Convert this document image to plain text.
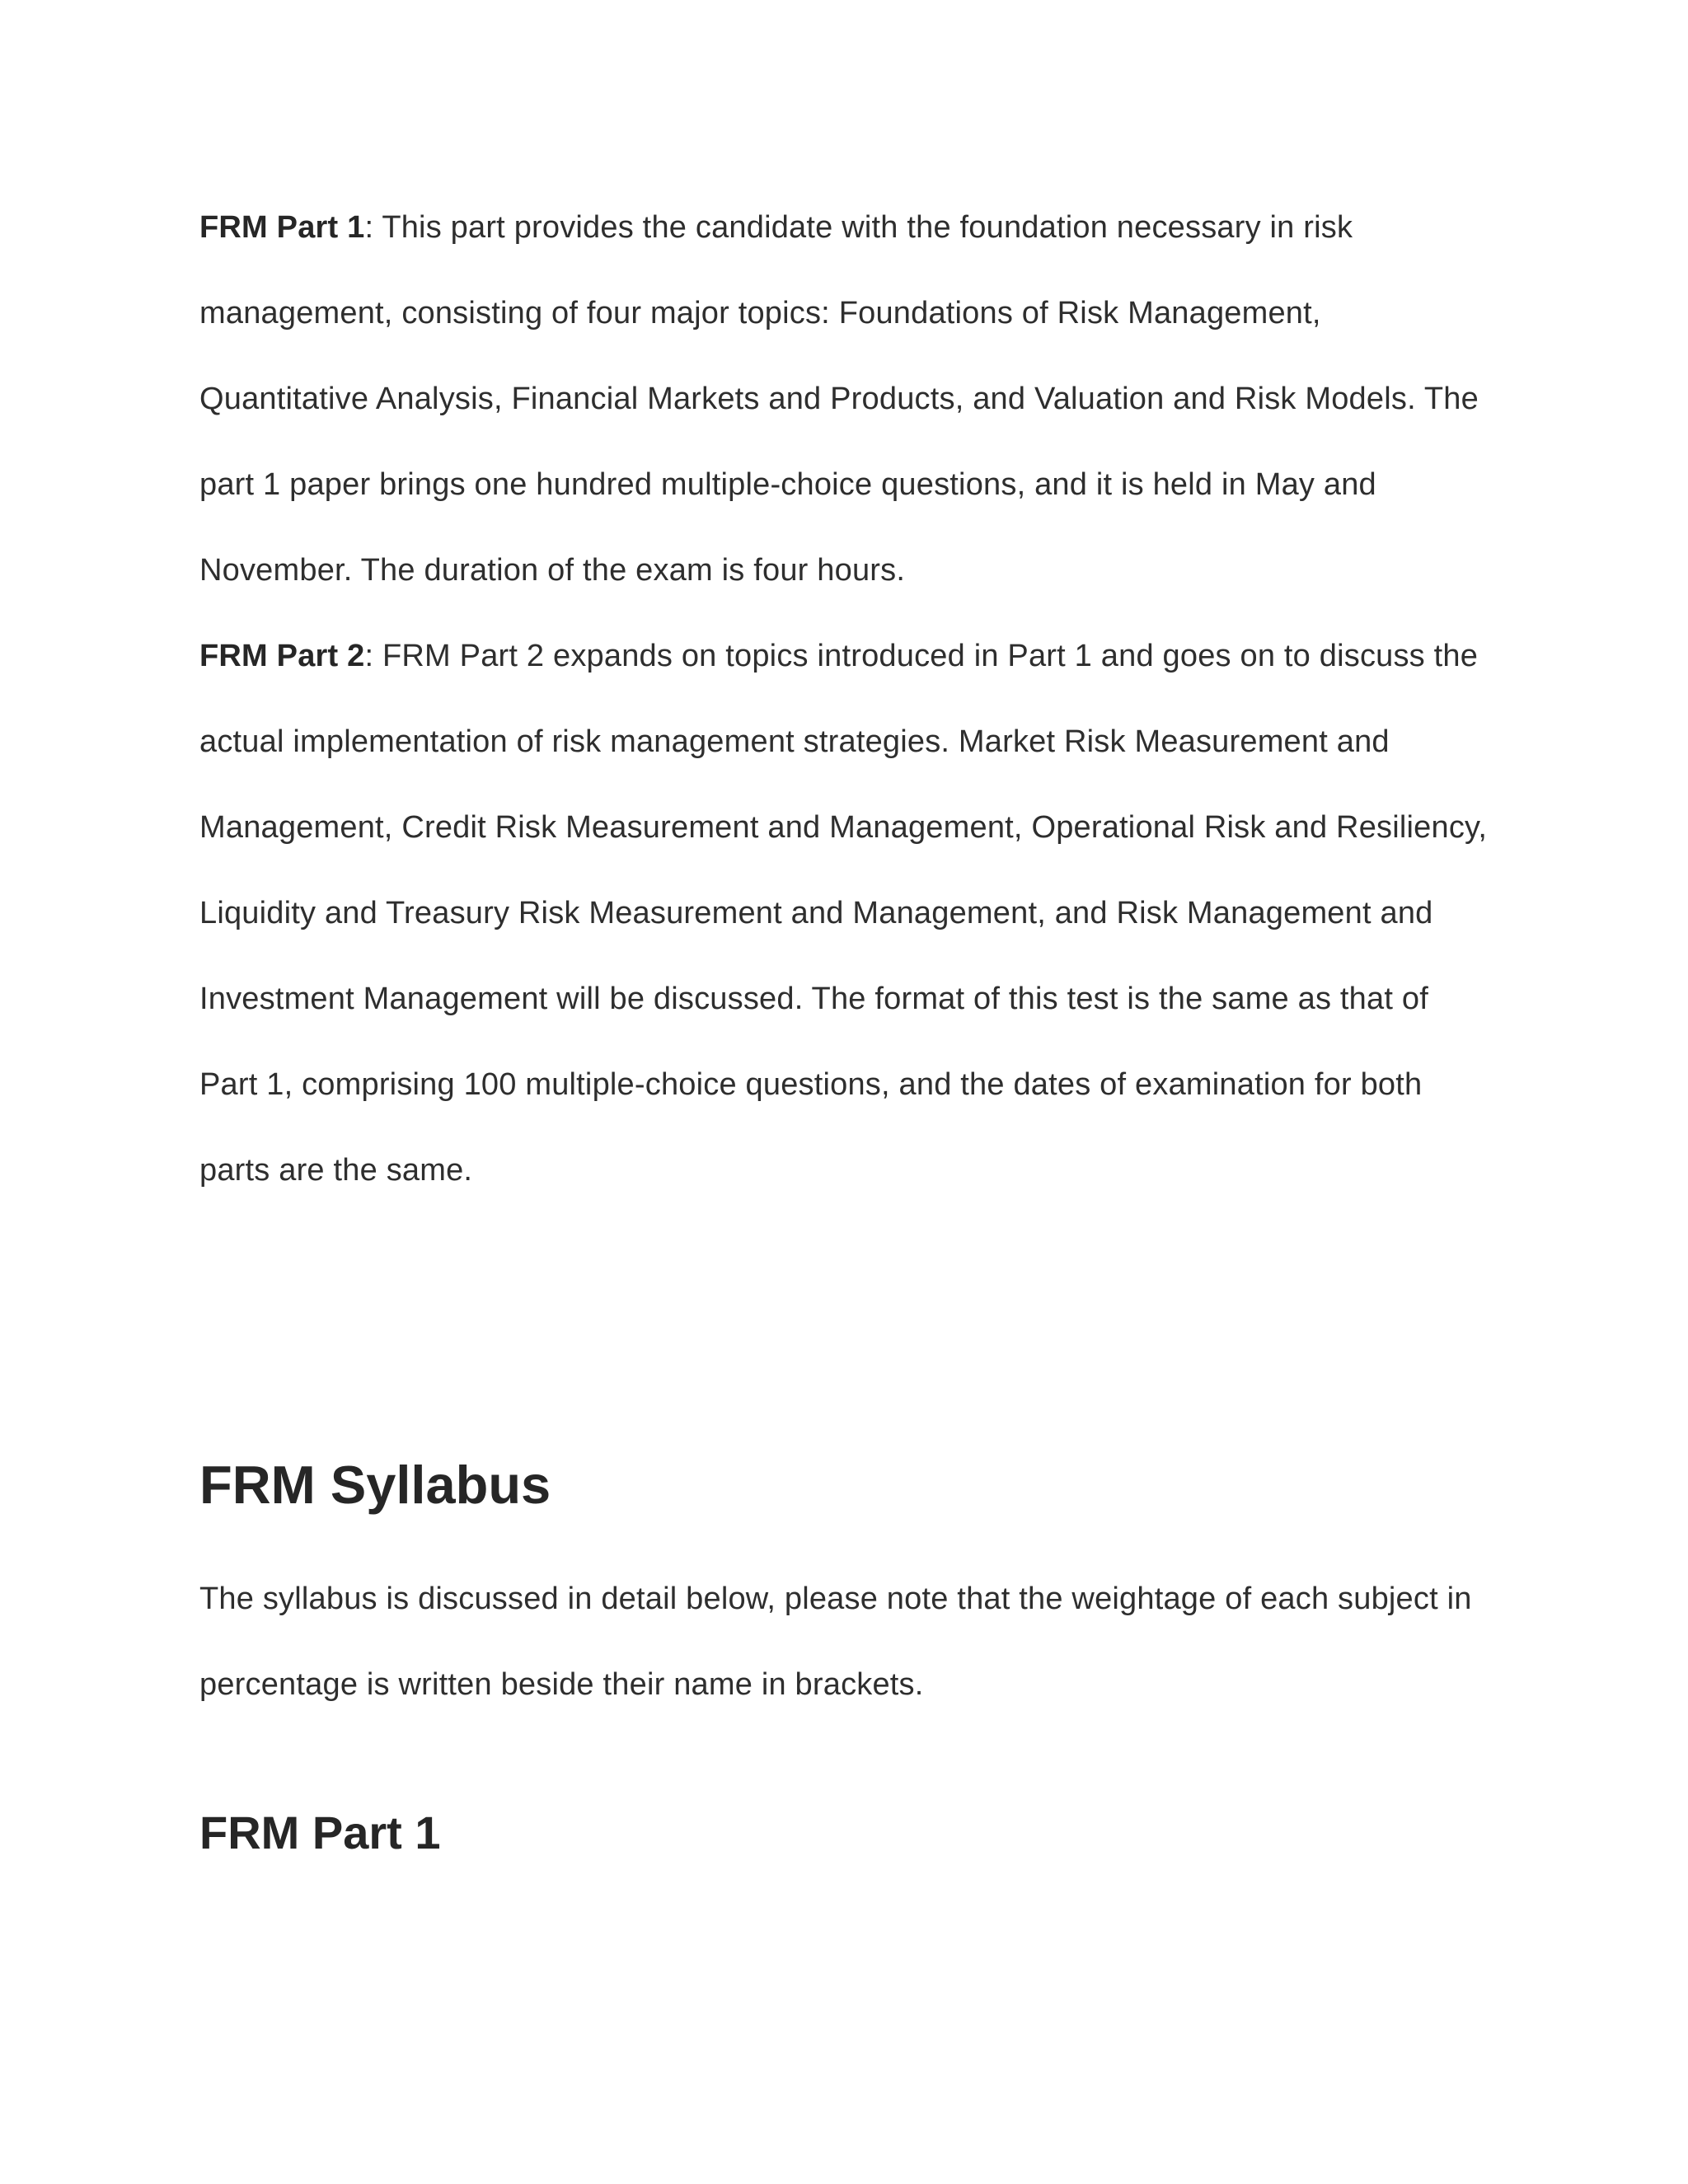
FRM Part 1: This part provides the candidate with the foundation necessary in risk management, consisting of four major topics: Foundations of Risk Management, Quantitative Analysis, Financial Markets and Products, and Valuation and Risk Models. The part 1 paper brings one hundred multiple-choice questions, and it is held in May and November. The duration of the exam is four hours.

FRM Part 2: FRM Part 2 expands on topics introduced in Part 1 and goes on to discuss the actual implementation of risk management strategies. Market Risk Measurement and Management, Credit Risk Measurement and Management, Operational Risk and Resiliency, Liquidity and Treasury Risk Measurement and Management, and Risk Management and Investment Management will be discussed. The format of this test is the same as that of Part 1, comprising 100 multiple-choice questions, and the dates of examination for both parts are the same.

FRM Syllabus

The syllabus is discussed in detail below, please note that the weightage of each subject in percentage is written beside their name in brackets.

FRM Part 1
